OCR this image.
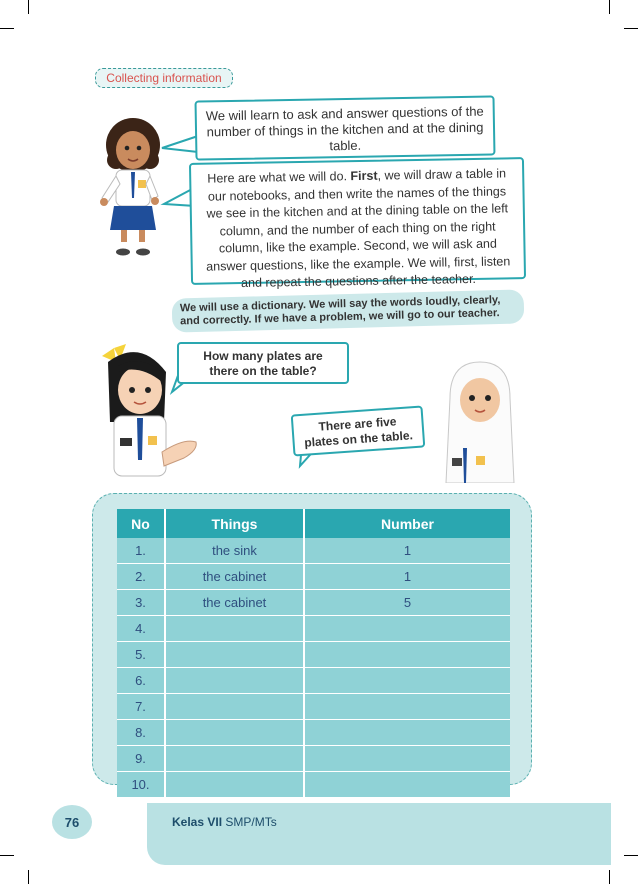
Collecting information
We will learn to ask and answer questions of the number of things in the kitchen and at the dining table.
Here are what we will do. First, we will draw a table in our notebooks, and then write the names of the things we see in the kitchen and at the dining table on the left column, and the number of each thing on the right column, like the example. Second, we will ask and answer questions, like the example. We will, first, listen and repeat the questions after the teacher.
We will use a dictionary. We will say the words loudly, clearly, and correctly. If we have a problem, we will go to our teacher.
How many plates are there on the table?
There are five plates on the table.
No	Things	Number
1.	the sink	1
2.	the cabinet	1
3.	the cabinet	5
4.		
5.		
6.		
7.		
8.		
9.		
10.		
76	Kelas VII SMP/MTs
